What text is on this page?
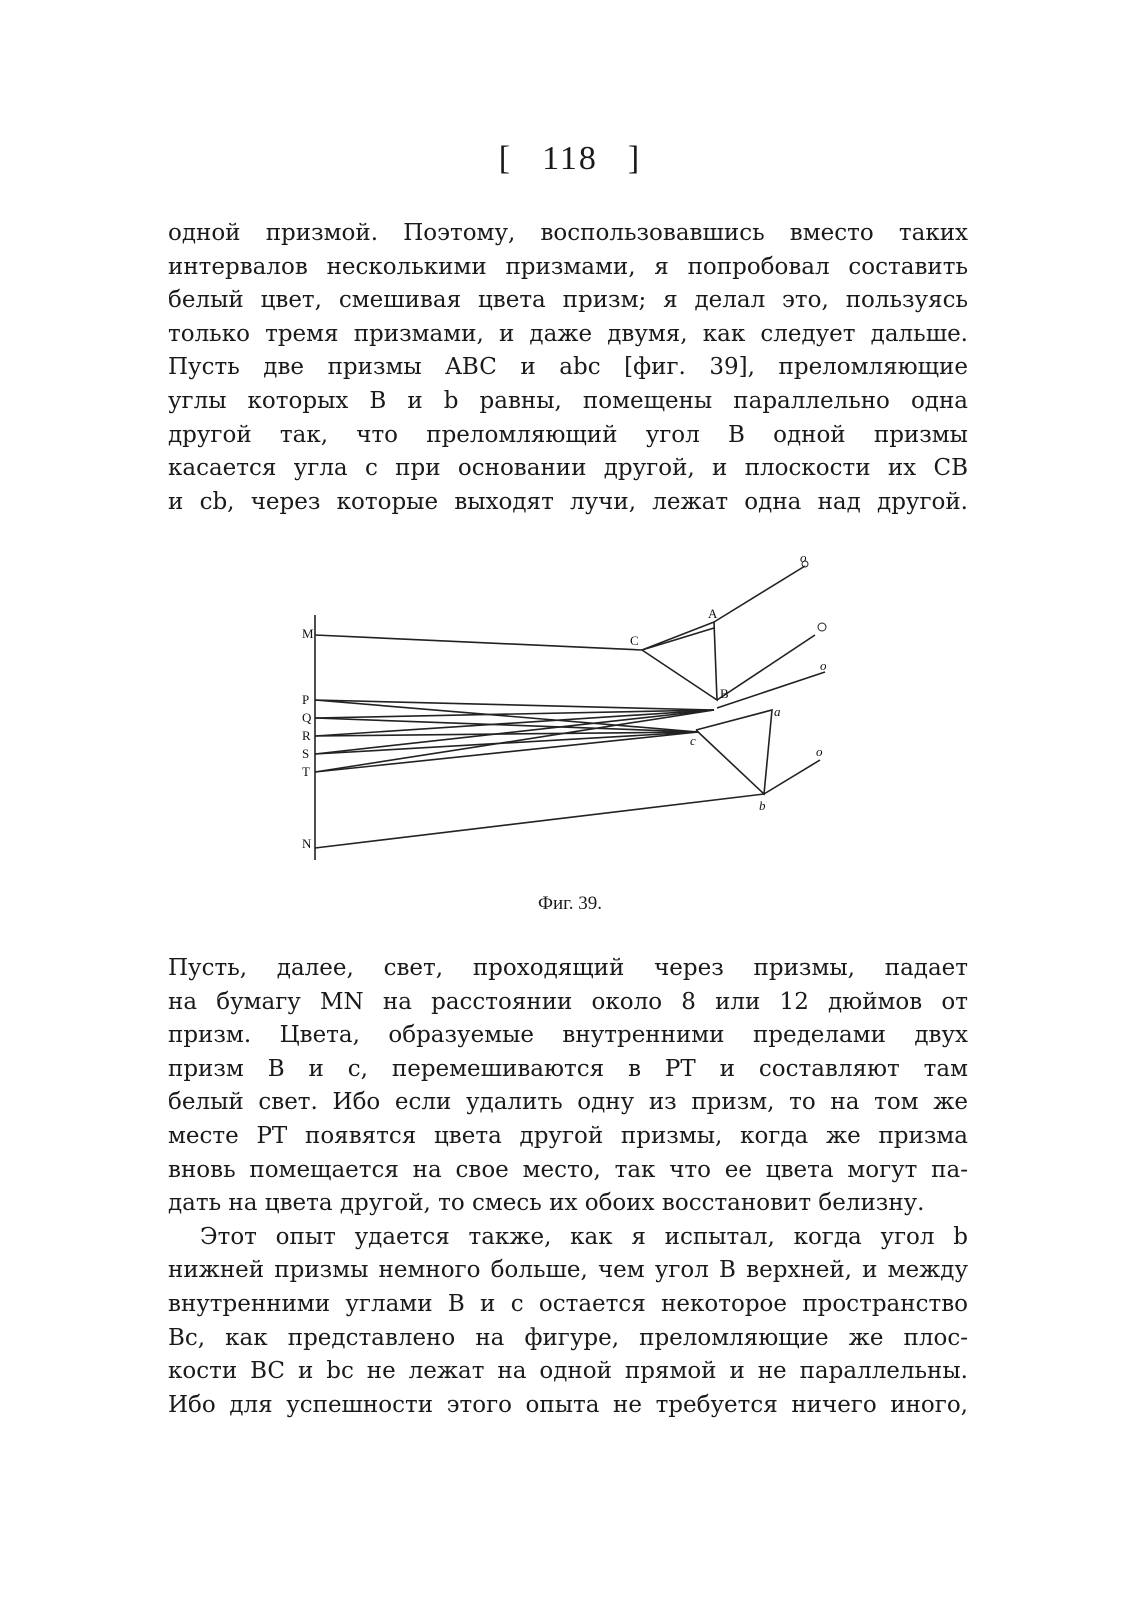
[ 118 ]
одной призмой. Поэтому, воспользовавшись вместо таких
интервалов несколькими призмами, я попробовал составить
белый цвет, смешивая цвета призм; я делал это, пользуясь
только тремя призмами, и даже двумя, как следует дальше.
Пусть две призмы ABC и abc [фиг. 39], преломляющие
углы которых B и b равны, помещены параллельно одна
другой так, что преломляющий угол B одной призмы
касается угла c при основании другой, и плоскости их CB
и cb, через которые выходят лучи, лежат одна над другой.
M
P
Q
R
S
T
N
A
B
C
a
b
c
o
o
o
Фиг. 39.
Пусть, далее, свет, проходящий через призмы, падает
на бумагу MN на расстоянии около 8 или 12 дюймов от
призм. Цвета, образуемые внутренними пределами двух
призм B и c, перемешиваются в PT и составляют там
белый свет. Ибо если удалить одну из призм, то на том же
месте PT появятся цвета другой призмы, когда же призма
вновь помещается на свое место, так что ее цвета могут па-
дать на цвета другой, то смесь их обоих восстановит белизну.
Этот опыт удается также, как я испытал, когда угол b
нижней призмы немного больше, чем угол B верхней, и между
внутренними углами B и c остается некоторое пространство
Bc, как представлено на фигуре, преломляющие же плос-
кости BC и bc не лежат на одной прямой и не параллельны.
Ибо для успешности этого опыта не требуется ничего иного,
